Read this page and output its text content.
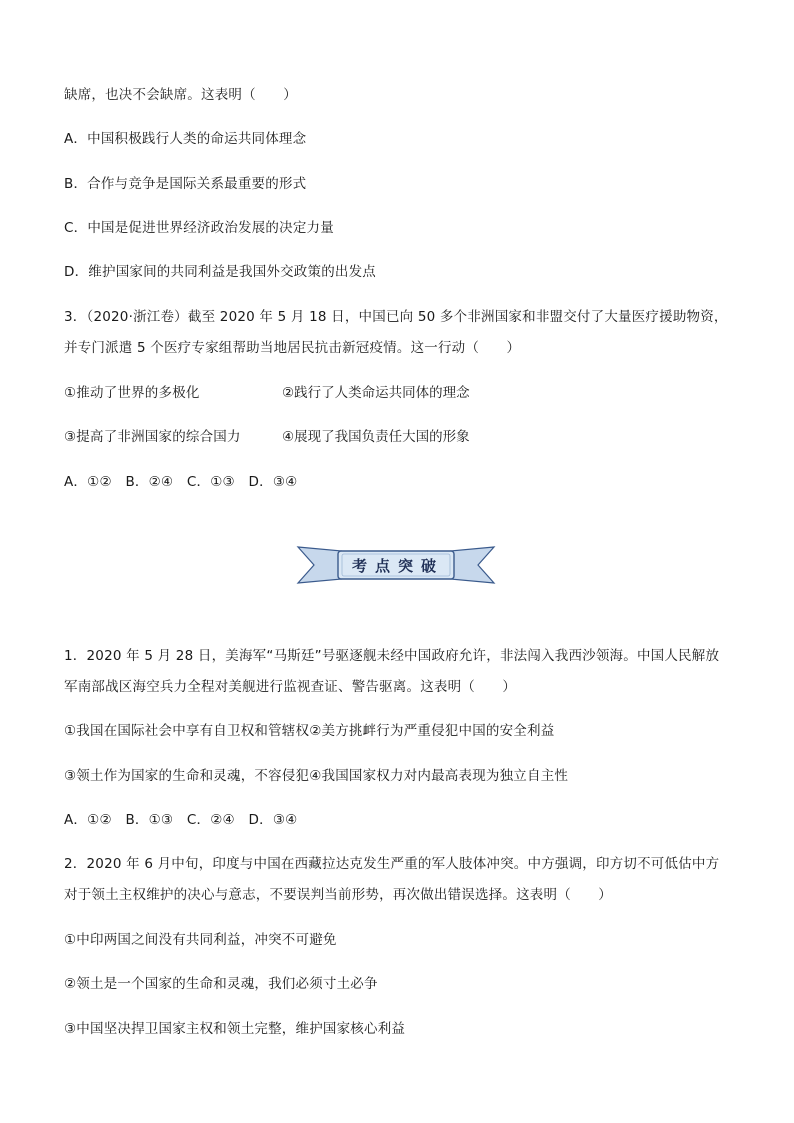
缺席，也决不会缺席。这表明（　　）
A．中国积极践行人类的命运共同体理念
B．合作与竞争是国际关系最重要的形式
C．中国是促进世界经济政治发展的决定力量
D．维护国家间的共同利益是我国外交政策的出发点
3．（2020·浙江卷）截至 2020 年 5 月 18 日，中国已向 50 多个非洲国家和非盟交付了大量医疗援助物资，
并专门派遣 5 个医疗专家组帮助当地居民抗击新冠疫情。这一行动（　　）
①推动了世界的多极化	②践行了人类命运共同体的理念
③提高了非洲国家的综合国力	④展现了我国负责任大国的形象
A．①②　B．②④　C．①③　D．③④
考点突破
1．2020 年 5 月 28 日，美海军“马斯廷”号驱逐舰未经中国政府允许，非法闯入我西沙领海。中国人民解放
军南部战区海空兵力全程对美舰进行监视查证、警告驱离。这表明（　　）
①我国在国际社会中享有自卫权和管辖权②美方挑衅行为严重侵犯中国的安全利益
③领土作为国家的生命和灵魂，不容侵犯④我国国家权力对内最高表现为独立自主性
A．①②　B．①③　C．②④　D．③④
2．2020 年 6 月中旬，印度与中国在西藏拉达克发生严重的军人肢体冲突。中方强调，印方切不可低估中方
对于领土主权维护的决心与意志，不要误判当前形势，再次做出错误选择。这表明（　　）
①中印两国之间没有共同利益，冲突不可避免
②领土是一个国家的生命和灵魂，我们必须寸土必争
③中国坚决捍卫国家主权和领土完整，维护国家核心利益
